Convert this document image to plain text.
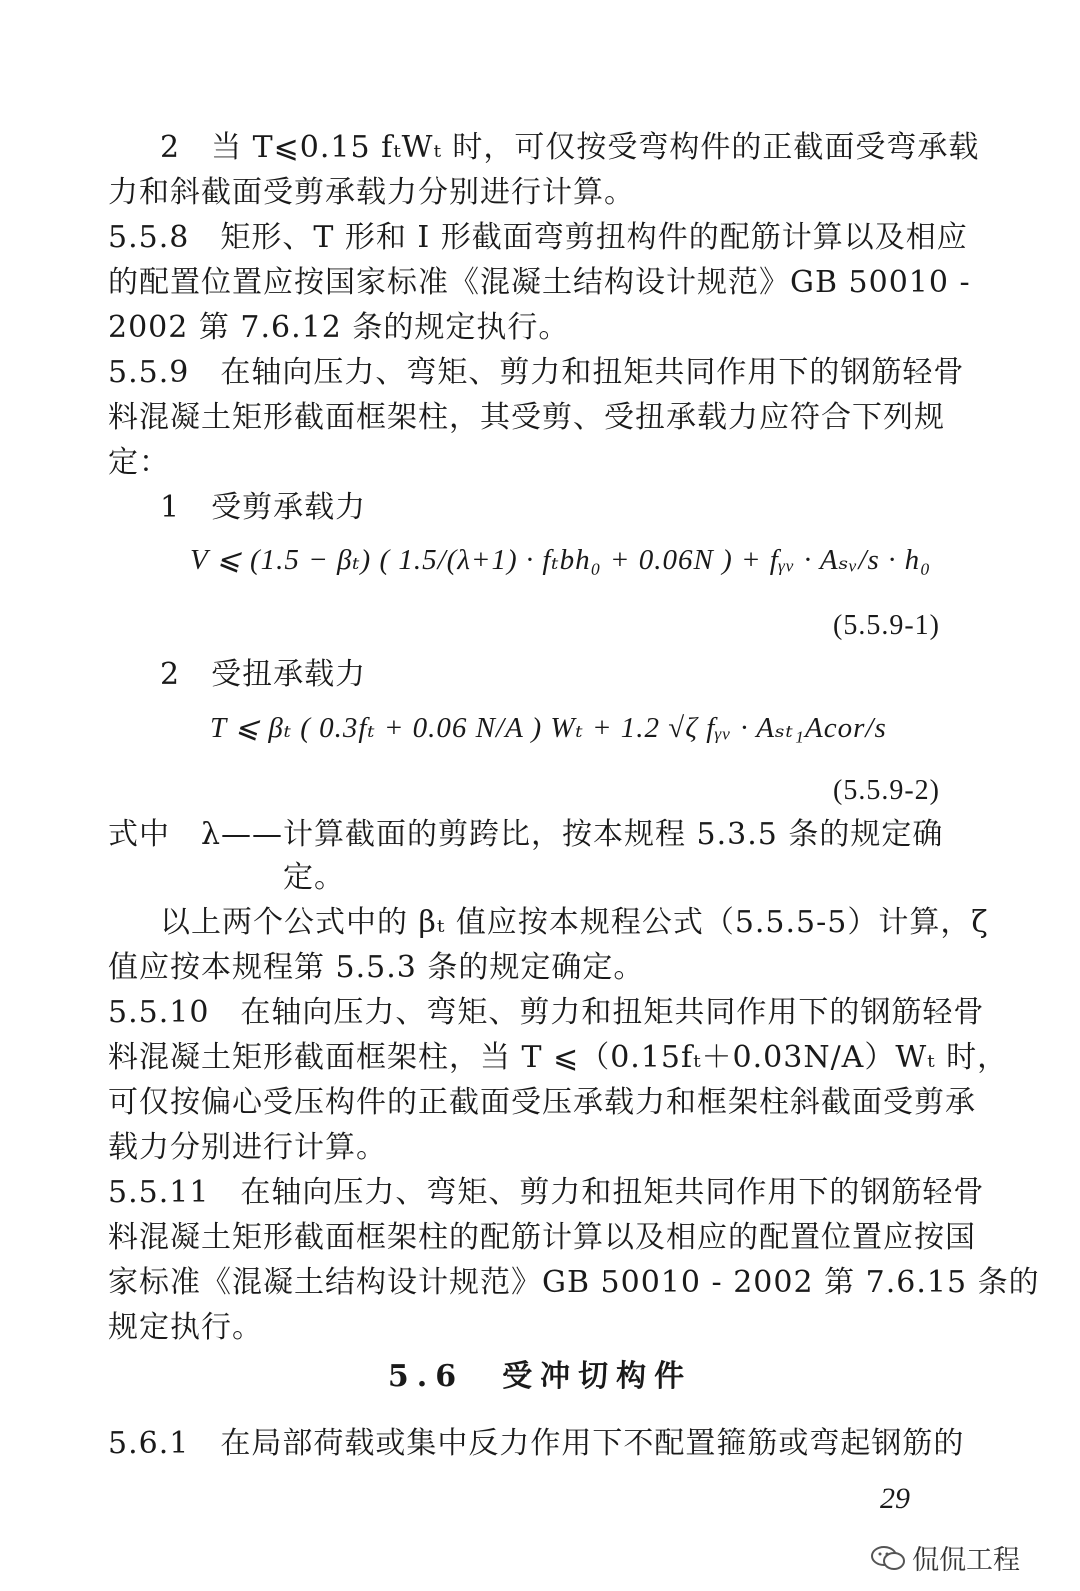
2　当 T⩽0.15 fₜWₜ 时，可仅按受弯构件的正截面受弯承载
力和斜截面受剪承载力分别进行计算。
5.5.8　矩形、T 形和 I 形截面弯剪扭构件的配筋计算以及相应
的配置位置应按国家标准《混凝土结构设计规范》GB 50010 -
2002 第 7.6.12 条的规定执行。
5.5.9　在轴向压力、弯矩、剪力和扭矩共同作用下的钢筋轻骨
料混凝土矩形截面框架柱，其受剪、受扭承载力应符合下列规
定：
1　受剪承载力
V ⩽ (1.5 − βₜ) ( 1.5/(λ+1) · fₜbh₀ + 0.06N ) + fᵧᵥ · Aₛᵥ/s · h₀
(5.5.9-1)
2　受扭承载力
T ⩽ βₜ ( 0.3fₜ + 0.06 N/A ) Wₜ + 1.2 √ζ fᵧᵥ · Aₛₜ₁Acor/s
(5.5.9-2)
式中　λ——计算截面的剪跨比，按本规程 5.3.5 条的规定确
定。
以上两个公式中的 βₜ 值应按本规程公式（5.5.5-5）计算，ζ
值应按本规程第 5.5.3 条的规定确定。
5.5.10　在轴向压力、弯矩、剪力和扭矩共同作用下的钢筋轻骨
料混凝土矩形截面框架柱，当 T ⩽（0.15fₜ＋0.03N/A）Wₜ 时，
可仅按偏心受压构件的正截面受压承载力和框架柱斜截面受剪承
载力分别进行计算。
5.5.11　在轴向压力、弯矩、剪力和扭矩共同作用下的钢筋轻骨
料混凝土矩形截面框架柱的配筋计算以及相应的配置位置应按国
家标准《混凝土结构设计规范》GB 50010 - 2002 第 7.6.15 条的
规定执行。
5.6　受冲切构件
5.6.1　在局部荷载或集中反力作用下不配置箍筋或弯起钢筋的
29
侃侃工程
